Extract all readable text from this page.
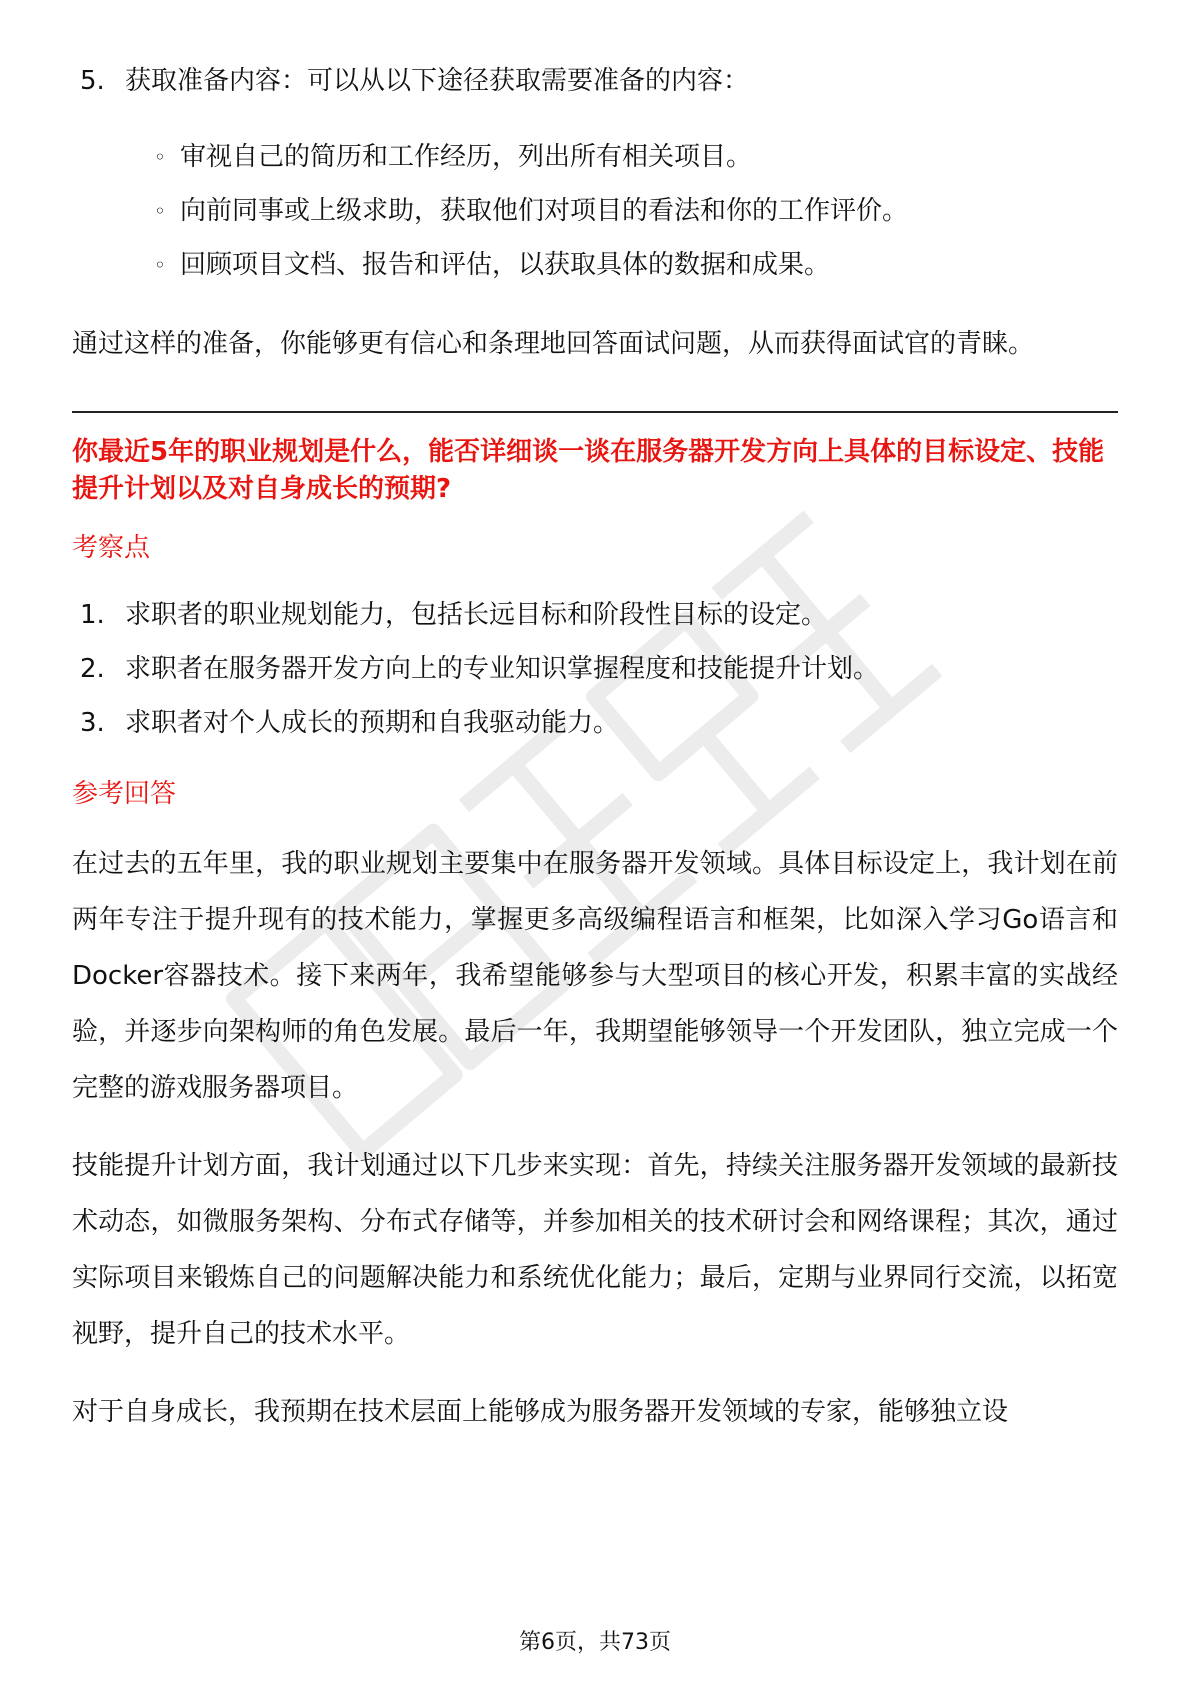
5. 获取准备内容：可以从以下途径获取需要准备的内容：
◦ 审视自己的简历和工作经历，列出所有相关项目。
◦ 向前同事或上级求助，获取他们对项目的看法和你的工作评价。
◦ 回顾项目文档、报告和评估，以获取具体的数据和成果。

通过这样的准备，你能够更有信心和条理地回答面试问题，从而获得面试官的青睐。

你最近5年的职业规划是什么，能否详细谈一谈在服务器开发方向上具体的目标设定、技能提升计划以及对自身成长的预期?

考察点

1. 求职者的职业规划能力，包括长远目标和阶段性目标的设定。
2. 求职者在服务器开发方向上的专业知识掌握程度和技能提升计划。
3. 求职者对个人成长的预期和自我驱动能力。

参考回答

在过去的五年里，我的职业规划主要集中在服务器开发领域。具体目标设定上，我计划在前两年专注于提升现有的技术能力，掌握更多高级编程语言和框架，比如深入学习Go语言和Docker容器技术。接下来两年，我希望能够参与大型项目的核心开发，积累丰富的实战经验，并逐步向架构师的角色发展。最后一年，我期望能够领导一个开发团队，独立完成一个完整的游戏服务器项目。

技能提升计划方面，我计划通过以下几步来实现：首先，持续关注服务器开发领域的最新技术动态，如微服务架构、分布式存储等，并参加相关的技术研讨会和网络课程；其次，通过实际项目来锻炼自己的问题解决能力和系统优化能力；最后，定期与业界同行交流，以拓宽视野，提升自己的技术水平。

对于自身成长，我预期在技术层面上能够成为服务器开发领域的专家，能够独立设

第6页，共73页
